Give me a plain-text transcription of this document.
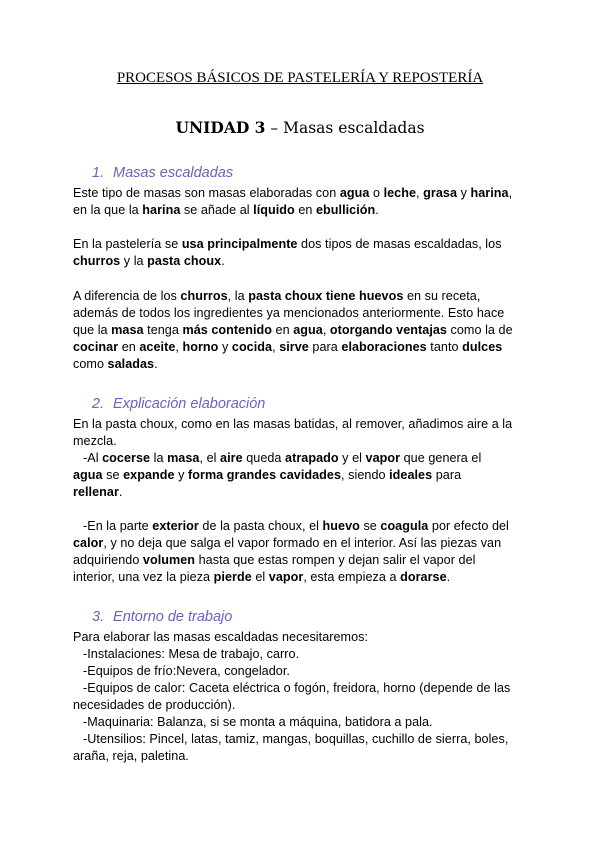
PROCESOS BÁSICOS DE PASTELERÍA Y REPOSTERÍA
UNIDAD 3 – Masas escaldadas
1. Masas escaldadas

Este tipo de masas son masas elaboradas con agua o leche, grasa y harina,
en la que la harina se añade al líquido en ebullición.

En la pastelería se usa principalmente dos tipos de masas escaldadas, los
churros y la pasta choux.

A diferencia de los churros, la pasta choux tiene huevos en su receta,
además de todos los ingredientes ya mencionados anteriormente. Esto hace
que la masa tenga más contenido en agua, otorgando ventajas como la de
cocinar en aceite, horno y cocida, sirve para elaboraciones tanto dulces
como saladas.

2. Explicación elaboración

En la pasta choux, como en las masas batidas, al remover, añadimos aire a la
mezcla.

-Al cocerse la masa, el aire queda atrapado y el vapor que genera el
agua se expande y forma grandes cavidades, siendo ideales para
rellenar.

-En la parte exterior de la pasta choux, el huevo se coagula por efecto del
calor, y no deja que salga el vapor formado en el interior. Así las piezas van
adquiriendo volumen hasta que estas rompen y dejan salir el vapor del
interior, una vez la pieza pierde el vapor, esta empieza a dorarse.

3. Entorno de trabajo
Para elaborar las masas escaldadas necesitaremos:
-Instalaciones: Mesa de trabajo, carro.
-Equipos de frío:Nevera, congelador.
-Equipos de calor: Caceta eléctrica o fogón, freidora, horno (depende de las
necesidades de producción).
-Maquinaria: Balanza, si se monta a máquina, batidora a pala.
-Utensilios: Pincel, latas, tamiz, mangas, boquillas, cuchillo de sierra, boles,
araña, reja, paletina.
